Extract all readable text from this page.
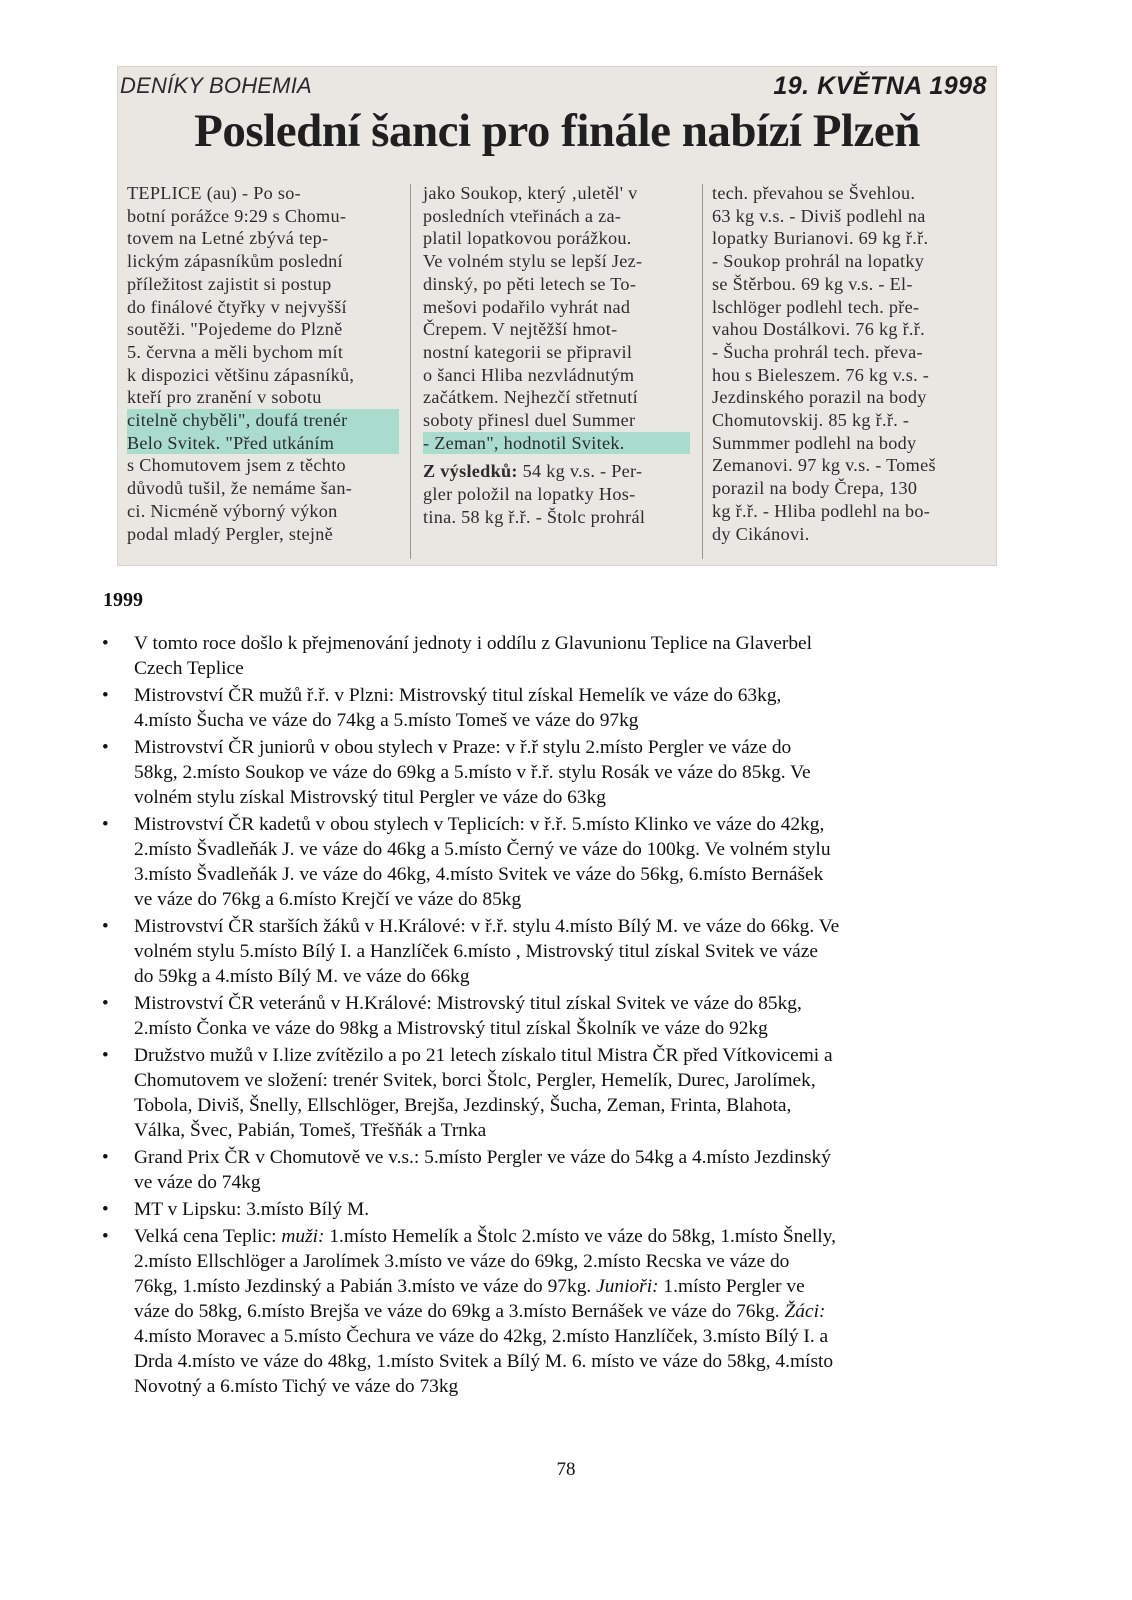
DENÍKY BOHEMIA	19. KVĚTNA 1998
Poslední šanci pro finále nabízí Plzeň
TEPLICE (au) - Po so-
botní porážce 9:29 s Chomu-
tovem na Letné zbývá tep-
lickým zápasníkům poslední
příležitost zajistit si postup
do finálové čtyřky v nejvyšší
soutěži. "Pojedeme do Plzně
5. června a měli bychom mít
k dispozici většinu zápasníků,
kteří pro zranění v sobotu
citelně chyběli", doufá trenér
Belo Svitek. "Před utkáním
s Chomutovem jsem z těchto
důvodů tušil, že nemáme šan-
ci. Nicméně výborný výkon
podal mladý Pergler, stejně
jako Soukop, který ‚uletěl' v
posledních vteřinách a za-
platil lopatkovou porážkou.
Ve volném stylu se lepší Jez-
dinský, po pěti letech se To-
mešovi podařilo vyhrát nad
Črepem. V nejtěžší hmot-
nostní kategorii se připravil
o šanci Hliba nezvládnutým
začátkem. Nejhezčí střetnutí
soboty přinesl duel Summer
- Zeman", hodnotil Svitek.
Z výsledků: 54 kg v.s. - Per-
gler položil na lopatky Hos-
tina. 58 kg ř.ř. - Štolc prohrál
tech. převahou se Švehlou.
63 kg v.s. - Diviš podlehl na
lopatky Burianovi. 69 kg ř.ř.
- Soukop prohrál na lopatky
se Štěrbou. 69 kg v.s. - El-
lschlöger podlehl tech. pře-
vahou Dostálkovi. 76 kg ř.ř.
- Šucha prohrál tech. převa-
hou s Bieleszem. 76 kg v.s. -
Jezdinského porazil na body
Chomutovskij. 85 kg ř.ř. -
Summmer podlehl na body
Zemanovi. 97 kg v.s. - Tomeš
porazil na body Črepa, 130
kg ř.ř. - Hliba podlehl na bo-
dy Cikánovi.
1999
•	V tomto roce došlo k přejmenování jednoty i oddílu z Glavunionu Teplice na Glaverbel
Czech Teplice
•	Mistrovství ČR mužů ř.ř. v Plzni: Mistrovský titul získal Hemelík ve váze do 63kg,
4.místo Šucha ve váze do 74kg a 5.místo Tomeš ve váze do 97kg
•	Mistrovství ČR juniorů v obou stylech v Praze: v ř.ř stylu 2.místo Pergler ve váze do
58kg, 2.místo Soukop ve váze do 69kg a 5.místo v ř.ř. stylu Rosák ve váze do 85kg. Ve
volném stylu získal Mistrovský titul Pergler ve váze do 63kg
•	Mistrovství ČR kadetů v obou stylech v Teplicích: v ř.ř. 5.místo Klinko ve váze do 42kg,
2.místo Švadleňák J. ve váze do 46kg a 5.místo Černý ve váze do 100kg. Ve volném stylu
3.místo Švadleňák J. ve váze do 46kg, 4.místo Svitek ve váze do 56kg, 6.místo Bernášek
ve váze do 76kg a 6.místo Krejčí ve váze do 85kg
•	Mistrovství ČR starších žáků v H.Králové: v ř.ř. stylu 4.místo Bílý M. ve váze do 66kg. Ve
volném stylu 5.místo Bílý I. a Hanzlíček 6.místo , Mistrovský titul získal Svitek ve váze
do 59kg a 4.místo Bílý M. ve váze do 66kg
•	Mistrovství ČR veteránů v H.Králové: Mistrovský titul získal Svitek ve váze do 85kg,
2.místo Čonka ve váze do 98kg a Mistrovský titul získal Školník ve váze do 92kg
•	Družstvo mužů v I.lize zvítězilo a po 21 letech získalo titul Mistra ČR před Vítkovicemi a
Chomutovem ve složení: trenér Svitek, borci Štolc, Pergler, Hemelík, Durec, Jarolímek,
Tobola, Diviš, Šnelly, Ellschlöger, Brejša, Jezdinský, Šucha, Zeman, Frinta, Blahota,
Válka, Švec, Pabián, Tomeš, Třešňák a Trnka
•	Grand Prix ČR v Chomutově ve v.s.: 5.místo Pergler ve váze do 54kg a 4.místo Jezdinský
ve váze do 74kg
•	MT v Lipsku: 3.místo Bílý M.
•	Velká cena Teplic: muži: 1.místo Hemelík a Štolc 2.místo ve váze do 58kg, 1.místo Šnelly,
2.místo Ellschlöger a Jarolímek 3.místo ve váze do 69kg, 2.místo Recska ve váze do
76kg, 1.místo Jezdinský a Pabián 3.místo ve váze do 97kg. Junioři: 1.místo Pergler ve
váze do 58kg, 6.místo Brejša ve váze do 69kg a 3.místo Bernášek ve váze do 76kg. Žáci:
4.místo Moravec a 5.místo Čechura ve váze do 42kg, 2.místo Hanzlíček, 3.místo Bílý I. a
Drda 4.místo ve váze do 48kg, 1.místo Svitek a Bílý M. 6. místo ve váze do 58kg, 4.místo
Novotný a 6.místo Tichý ve váze do 73kg
78
